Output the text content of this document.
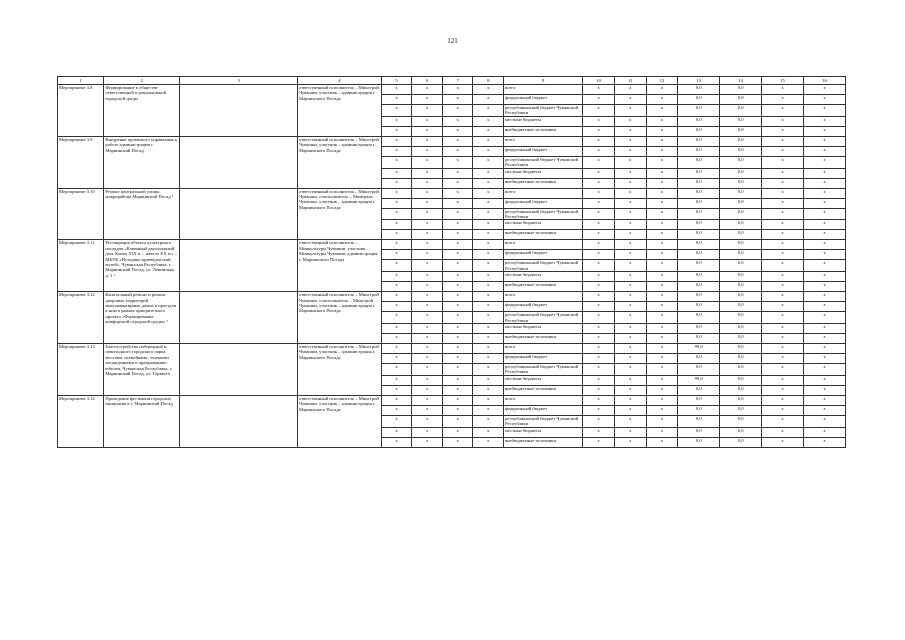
121
1	2	3	4	5	6	7	8	9	10	11	12	13	14	15	16
Мероприятие 3.8	Формирование в обществе ответственной и рациональной городской среды		ответственный исполнитель – Минстрой Чувашии, участник – администрация г. Мариинского Посада	x	x	x	x	всего	x	x	x	0,0	0,0	x	x
				x	x	x	x	федеральный бюджет	x	x	x	0,0	0,0	x	x
				x	x	x	x	республиканский бюджет Чувашской Республики	x	x	x	0,0	0,0	x	x
				x	x	x	x	местные бюджеты	x	x	x	0,0	0,0	x	x
				x	x	x	x	внебюджетные источники	x	x	x	0,0	0,0	x	x
Мероприятие 3.9	Внедрение проектного управления к работе администрации г. Мариинский Посад		ответственный исполнитель – Минстрой Чувашии, участник – администрация г. Мариинского Посада	x	x	x	x	всего	x	x	x	0,0	0,0	x	x
				x	x	x	x	федеральный бюджет	x	x	x	0,0	0,0	x	x
				x	x	x	x	республиканский бюджет Чувашской Республики	x	x	x	0,0	0,0	x	x
				x	x	x	x	местные бюджеты	x	x	x	0,0	0,0	x	x
				x	x	x	x	внебюджетные источники	x	x	x	0,0	0,0	x	x
Мероприятие 3.10	Ремонт центральной улицы микрорайона Мариинский Посад ¹		ответственный исполнитель – Минстрой Чувашии, соисполнитель – Минтранс Чувашии, участник – администрация г. Мариинского Посада	x	x	x	x	всего	x	x	x	0,0	0,0	x	x
				x	x	x	x	федеральный бюджет	x	x	x	0,0	0,0	x	x
				x	x	x	x	республиканский бюджет Чувашской Республики	x	x	x	0,0	0,0	x	x
				x	x	x	x	местные бюджеты	x	x	x	0,0	0,0	x	x
				x	x	x	x	внебюджетные источники	x	x	x	0,0	0,0	x	x
Мероприятие 3.11	Реставрация объекта культурного наследия «Каменный двухэтажный дом. Конец XIX в. – начало XX в.» – МБУК «Историко-краеведческий музей», Чувашская Республика, г. Мариинский Посад, ул. Ленинская, д. 1 ¹		ответственный исполнитель – Минкультуры Чувашии, участник – Минкультуры Чувашии, администрация г. Мариинского Посада	x	x	x	x	всего	x	x	x	0,0	0,0	x	x
				x	x	x	x	федеральный бюджет	x	x	x	0,0	0,0	x	x
				x	x	x	x	республиканский бюджет Чувашской Республики	x	x	x	0,0	0,0	x	x
				x	x	x	x	местные бюджеты	x	x	x	0,0	0,0	x	x
				x	x	x	x	внебюджетные источники	x	x	x	0,0	0,0	x	x
Мероприятие 3.12	Капитальный ремонт и ремонт дворовых территорий многоквартирных домов и проездов к ним в рамках приоритетного проекта «Формирование комфортной городской среды» ¹		ответственный исполнитель – Минстрой Чувашии, соисполнитель – Минстрой Чувашии, участник – администрация г. Мариинского Посада	x	x	x	x	всего	x	x	x	0,0	0,0	x	x
				x	x	x	x	федеральный бюджет	x	x	x	0,0	0,0	x	x
				x	x	x	x	республиканский бюджет Чувашской Республики	x	x	x	0,0	0,0	x	x
				x	x	x	x	местные бюджеты	x	x	x	0,0	0,0	x	x
				x	x	x	x	внебюджетные источники	x	x	x	0,0	0,0	x	x
Мероприятие 3.13	Благоустройство набережной и пешеходного городского парка местами, скамейками, зелеными насаждениями к празднованию юбилея, Чувашская Республика, г. Мариинский Посад, ул. Горького		ответственный исполнитель – Минстрой Чувашии, участник – администрация г. Мариинского Посада	x	x	x	x	всего	x	x	x	99,0	0,0	x	x
				x	x	x	x	федеральный бюджет	x	x	x	0,0	0,0	x	x
				x	x	x	x	республиканский бюджет Чувашской Республики	x	x	x	0,0	0,0	x	x
				x	x	x	x	местные бюджеты	x	x	x	99,0	0,0	x	x
				x	x	x	x	внебюджетные источники	x	x	x	0,0	0,0	x	x
Мероприятие 3.14	Проведение фестиваля городских инициатив в г. Мариинский Посад		ответственный исполнитель – Минстрой Чувашии, участник – администрация г. Мариинского Посада	x	x	x	x	всего	x	x	x	0,0	0,0	x	x
				x	x	x	x	федеральный бюджет	x	x	x	0,0	0,0	x	x
				x	x	x	x	республиканский бюджет Чувашской Республики	x	x	x	0,0	0,0	x	x
				x	x	x	x	местные бюджеты	x	x	x	0,0	0,0	x	x
				x	x	x	x	внебюджетные источники	x	x	x	0,0	0,0	x	x
